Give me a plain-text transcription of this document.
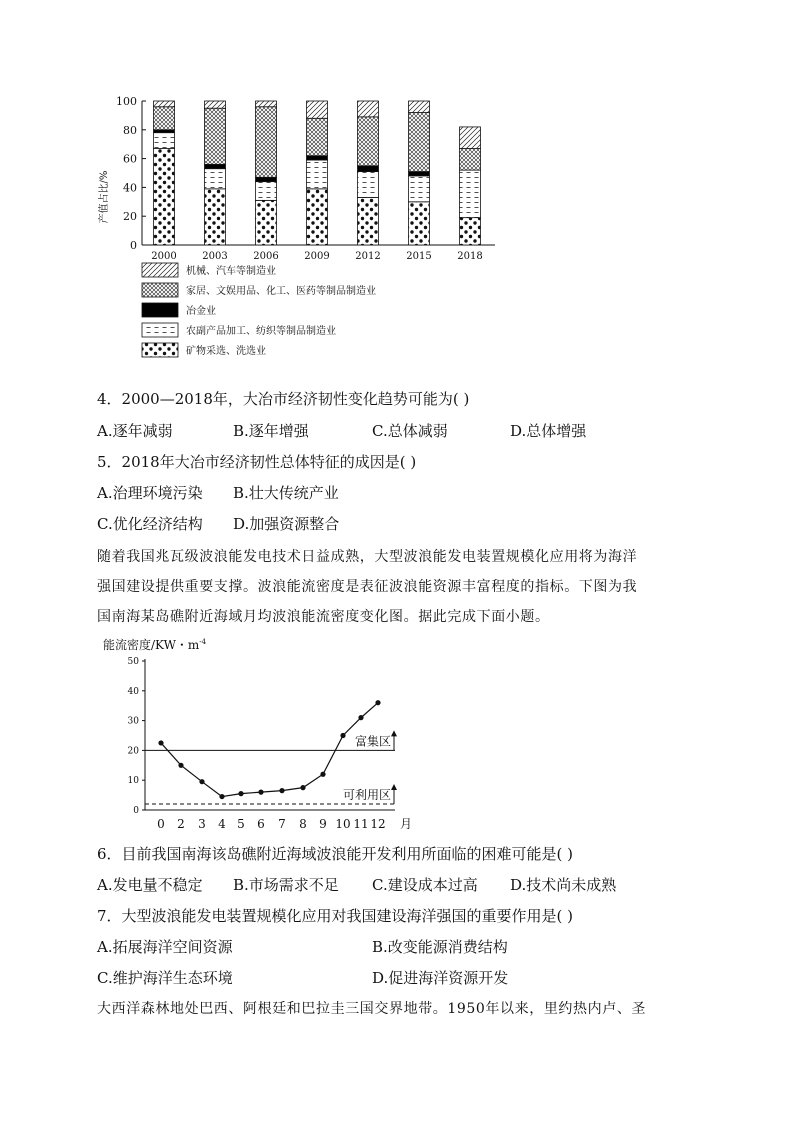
产值占比/%
0
20
40
60
80
100
2000	2003	2006	2009	2012	2015	2018
机械、汽车等制造业
家居、文娱用品、化工、医药等制品制造业
冶金业
农副产品加工、纺织等制品制造业
矿物采选、洗选业
4．2000—2018年，大冶市经济韧性变化趋势可能为( )
A.逐年减弱	B.逐年增强	C.总体减弱	D.总体增强
5．2018年大冶市经济韧性总体特征的成因是( )
A.治理环境污染 B.壮大传统产业
C.优化经济结构 D.加强资源整合
随着我国兆瓦级波浪能发电技术日益成熟，大型波浪能发电装置规模化应用将为海洋
强国建设提供重要支撑。波浪能流密度是表征波浪能资源丰富程度的指标。下图为我
国南海某岛礁附近海域月均波浪能流密度变化图。据此完成下面小题。
能流密度/KW・$m^{-4}$
0
10
20
30
40
50
0 2 3 4 5 6 7 8 9 10 11 12 月
富集区
可利用区
6．目前我国南海该岛礁附近海域波浪能开发利用所面临的困难可能是( )
A.发电量不稳定 B.市场需求不足 C.建设成本过高 D.技术尚未成熟
7．大型波浪能发电装置规模化应用对我国建设海洋强国的重要作用是( )
A.拓展海洋空间资源	B.改变能源消费结构
C.维护海洋生态环境	D.促进海洋资源开发
大西洋森林地处巴西、阿根廷和巴拉圭三国交界地带。1950年以来，里约热内卢、圣
